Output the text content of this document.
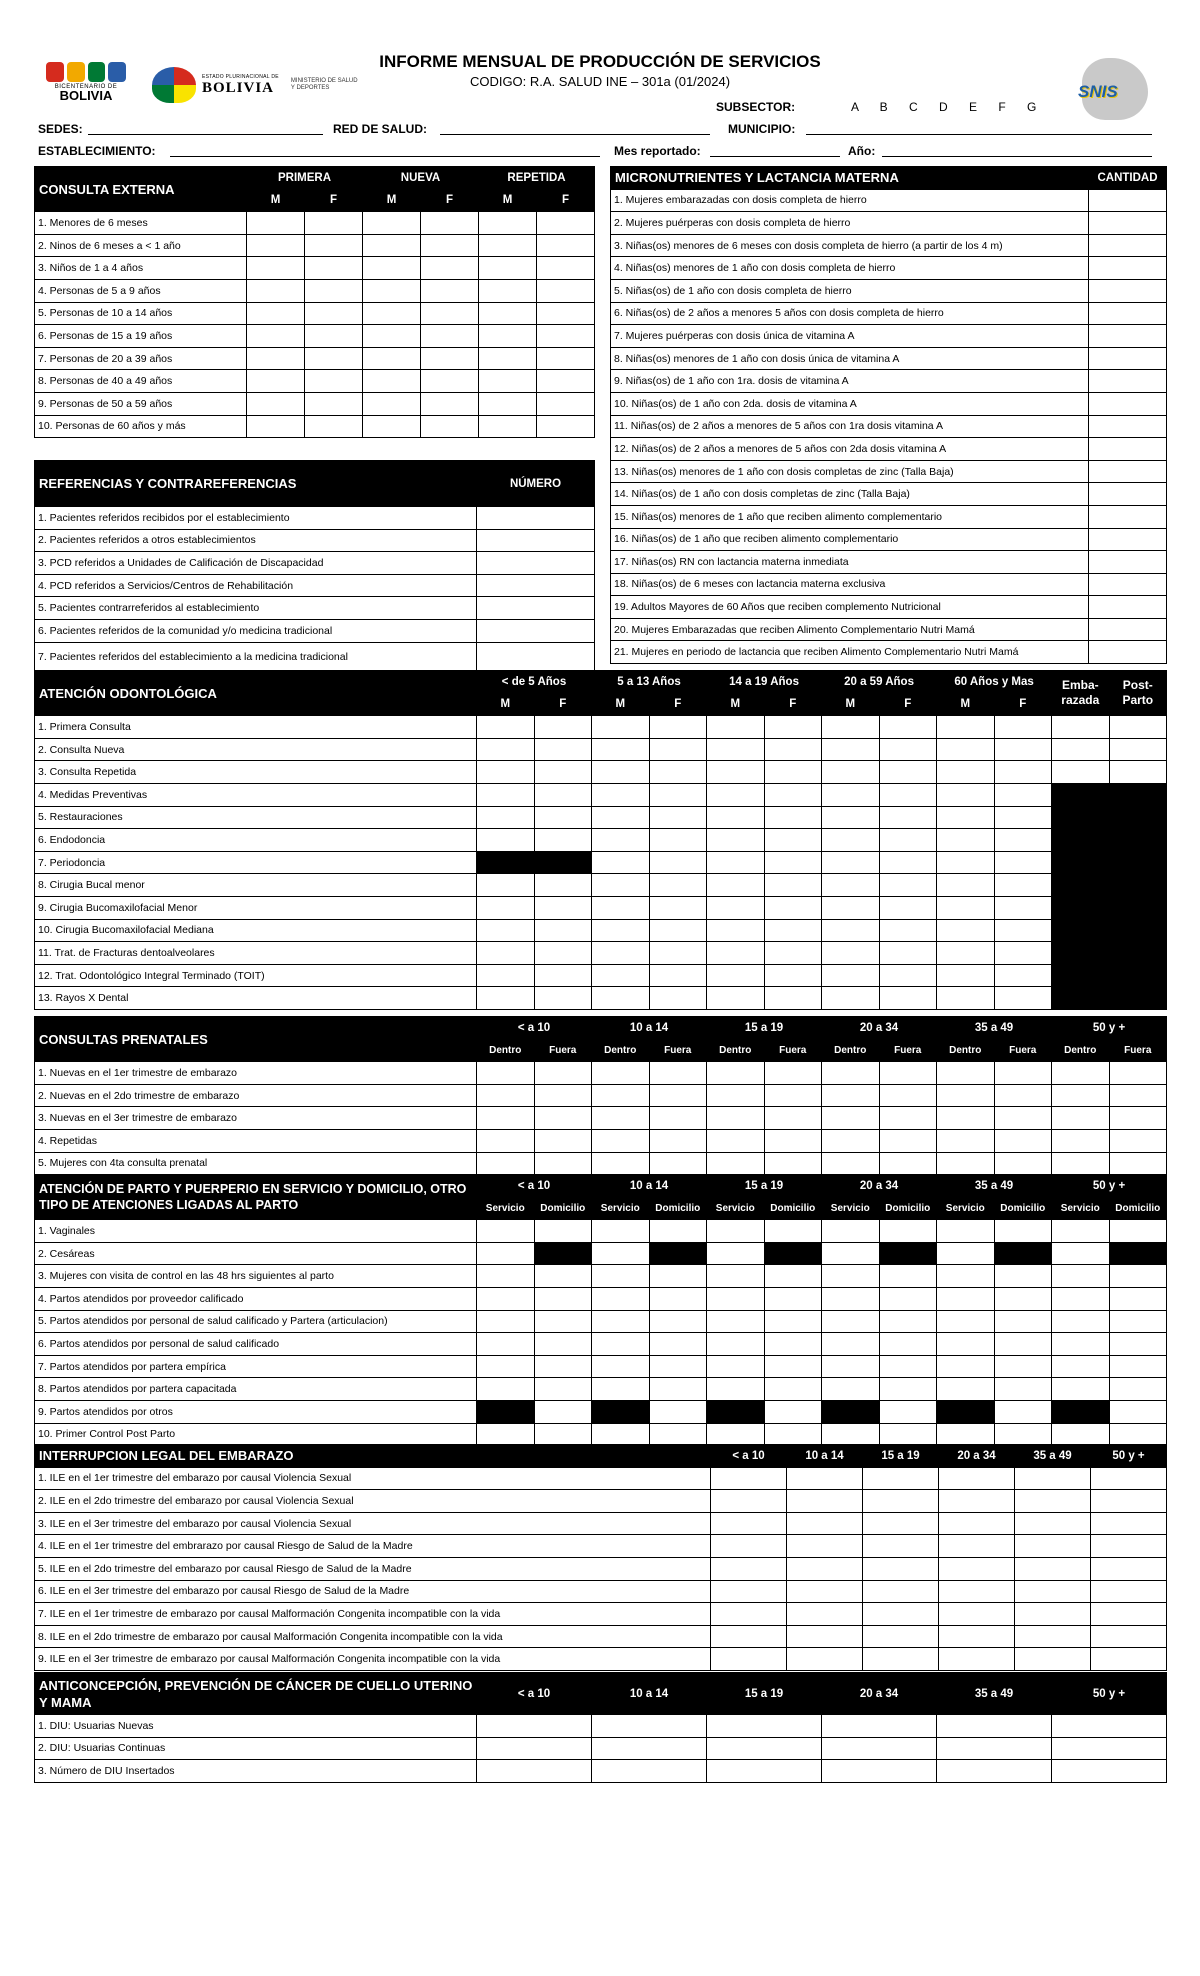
BICENTENARIO DE
BOLIVIA
ESTADO PLURINACIONAL DE
BOLIVIA	MINISTERIO DE SALUD Y DEPORTES
INFORME MENSUAL DE PRODUCCIÓN DE SERVICIOS
CODIGO: R.A. SALUD INE – 301a (01/2024)
SNIS
SUBSECTOR:	A B C D E F G
SEDES:	RED DE SALUD:	MUNICIPIO:
ESTABLECIMIENTO:	Mes reportado:	Año:
CONSULTA EXTERNA	PRIMERA		NUEVA		REPETIDA	
	M	F	M	F	M	F
1. Menores de 6 meses						
2. Ninos de 6 meses a < 1 año						
3. Niños de 1 a 4 años						
4. Personas de 5 a 9 años						
5. Personas de 10 a 14 años						
6. Personas de 15 a 19 años						
7. Personas de 20 a 39 años						
8. Personas de 40 a 49 años						
9. Personas de 50 a 59 años						
10. Personas de 60 años y más						
MICRONUTRIENTES Y LACTANCIA MATERNA	CANTIDAD
1. Mujeres embarazadas con dosis completa de hierro	
2. Mujeres puérperas con dosis completa de hierro	
3. Niñas(os) menores de 6 meses con dosis completa de hierro (a partir de los 4 m)	
4. Niñas(os) menores de 1 año con dosis completa de hierro	
5. Niñas(os) de 1 año con dosis completa de hierro	
6. Niñas(os) de 2 años a menores 5 años con dosis completa de hierro	
7. Mujeres puérperas con dosis única de vitamina A	
8. Niñas(os) menores de 1 año con dosis única de vitamina A	
9. Niñas(os) de 1 año con 1ra. dosis de vitamina A	
10. Niñas(os) de 1 año con 2da. dosis de vitamina A	
11. Niñas(os) de 2 años a menores de 5 años con 1ra dosis vitamina A	
12. Niñas(os) de 2 años a menores de 5 años con 2da dosis vitamina A	
13. Niñas(os) menores de 1 año con dosis completas de zinc (Talla Baja)	
14. Niñas(os) de 1 año con dosis completas de zinc (Talla Baja)	
15. Niñas(os) menores de 1 año que reciben alimento complementario	
16. Niñas(os) de 1 año que reciben alimento complementario	
17. Niñas(os) RN con lactancia materna inmediata	
18. Niñas(os) de 6 meses con lactancia materna exclusiva	
19. Adultos Mayores de 60 Años que reciben complemento Nutricional	
20. Mujeres Embarazadas que reciben Alimento Complementario Nutri Mamá	
21. Mujeres en periodo de lactancia que reciben Alimento Complementario Nutri Mamá	
REFERENCIAS Y CONTRAREFERENCIAS	NÚMERO
1. Pacientes referidos recibidos por el establecimiento	
2. Pacientes referidos a otros establecimientos	
3. PCD referidos a Unidades de Calificación de Discapacidad	
4. PCD referidos a Servicios/Centros de Rehabilitación	
5. Pacientes contrarreferidos al establecimiento	
6. Pacientes referidos de la comunidad y/o medicina tradicional	
7. Pacientes referidos del establecimiento a la medicina tradicional	
ATENCIÓN ODONTOLÓGICA	< de 5 Años		5 a 13 Años		14 a 19 Años		20 a 59 Años		60 Años y Mas		Emba-razada	Post-Parto
	M	F	M	F	M	F	M	F	M	F		
1. Primera Consulta												
2. Consulta Nueva												
3. Consulta Repetida												
4. Medidas Preventivas												
5. Restauraciones												
6. Endodoncia												
7. Periodoncia												
8. Cirugia Bucal menor												
9. Cirugia Bucomaxilofacial Menor												
10. Cirugia Bucomaxilofacial Mediana												
11. Trat. de Fracturas dentoalveolares												
12. Trat. Odontológico Integral Terminado (TOIT)												
13. Rayos X Dental												
CONSULTAS PRENATALES	< a 10		10 a 14		15 a 19		20 a 34		35 a 49		50 y +	
	Dentro	Fuera	Dentro	Fuera	Dentro	Fuera	Dentro	Fuera	Dentro	Fuera	Dentro	Fuera
1. Nuevas en el 1er trimestre de embarazo												
2. Nuevas en el 2do trimestre de embarazo												
3. Nuevas en el 3er trimestre de embarazo												
4. Repetidas												
5. Mujeres con 4ta consulta prenatal												
ATENCIÓN DE PARTO Y PUERPERIO EN SERVICIO Y DOMICILIO, OTRO TIPO DE ATENCIONES LIGADAS AL PARTO	< a 10		10 a 14		15 a 19		20 a 34		35 a 49		50 y +	
	Servicio	Domicilio	Servicio	Domicilio	Servicio	Domicilio	Servicio	Domicilio	Servicio	Domicilio	Servicio	Domicilio
1. Vaginales												
2. Cesáreas												
3. Mujeres con visita de control en las 48 hrs siguientes al parto												
4. Partos atendidos por proveedor calificado												
5. Partos atendidos por personal de salud calificado y Partera (articulacion)												
6. Partos atendidos por personal de salud calificado												
7. Partos atendidos por partera empírica												
8. Partos atendidos por partera capacitada												
9. Partos atendidos por otros												
10. Primer Control Post Parto												
INTERRUPCION LEGAL DEL EMBARAZO	< a 10	10 a 14	15 a 19	20 a 34	35 a 49	50 y +
1. ILE en el 1er trimestre del embarazo por causal Violencia Sexual						
2. ILE en el 2do trimestre del embarazo por causal Violencia Sexual						
3. ILE en el 3er trimestre del embarazo por causal Violencia Sexual						
4. ILE en el 1er trimestre del embrarazo por causal Riesgo de Salud de la Madre						
5. ILE en el 2do trimestre del embarazo por causal Riesgo de Salud de la Madre						
6. ILE en el 3er trimestre del embarazo por causal Riesgo de Salud de la Madre						
7. ILE en el 1er trimestre de embarazo por causal Malformación Congenita incompatible con la vida						
8. ILE en el 2do trimestre de embarazo por causal Malformación Congenita incompatible con la vida						
9. ILE en el 3er trimestre de embarazo por causal Malformación Congenita incompatible con la vida						
ANTICONCEPCIÓN, PREVENCIÓN DE CÁNCER DE CUELLO UTERINO Y MAMA	< a 10	10 a 14	15 a 19	20 a 34	35 a 49	50 y +
1. DIU: Usuarias Nuevas						
2. DIU: Usuarias Continuas						
3. Número de DIU Insertados						
